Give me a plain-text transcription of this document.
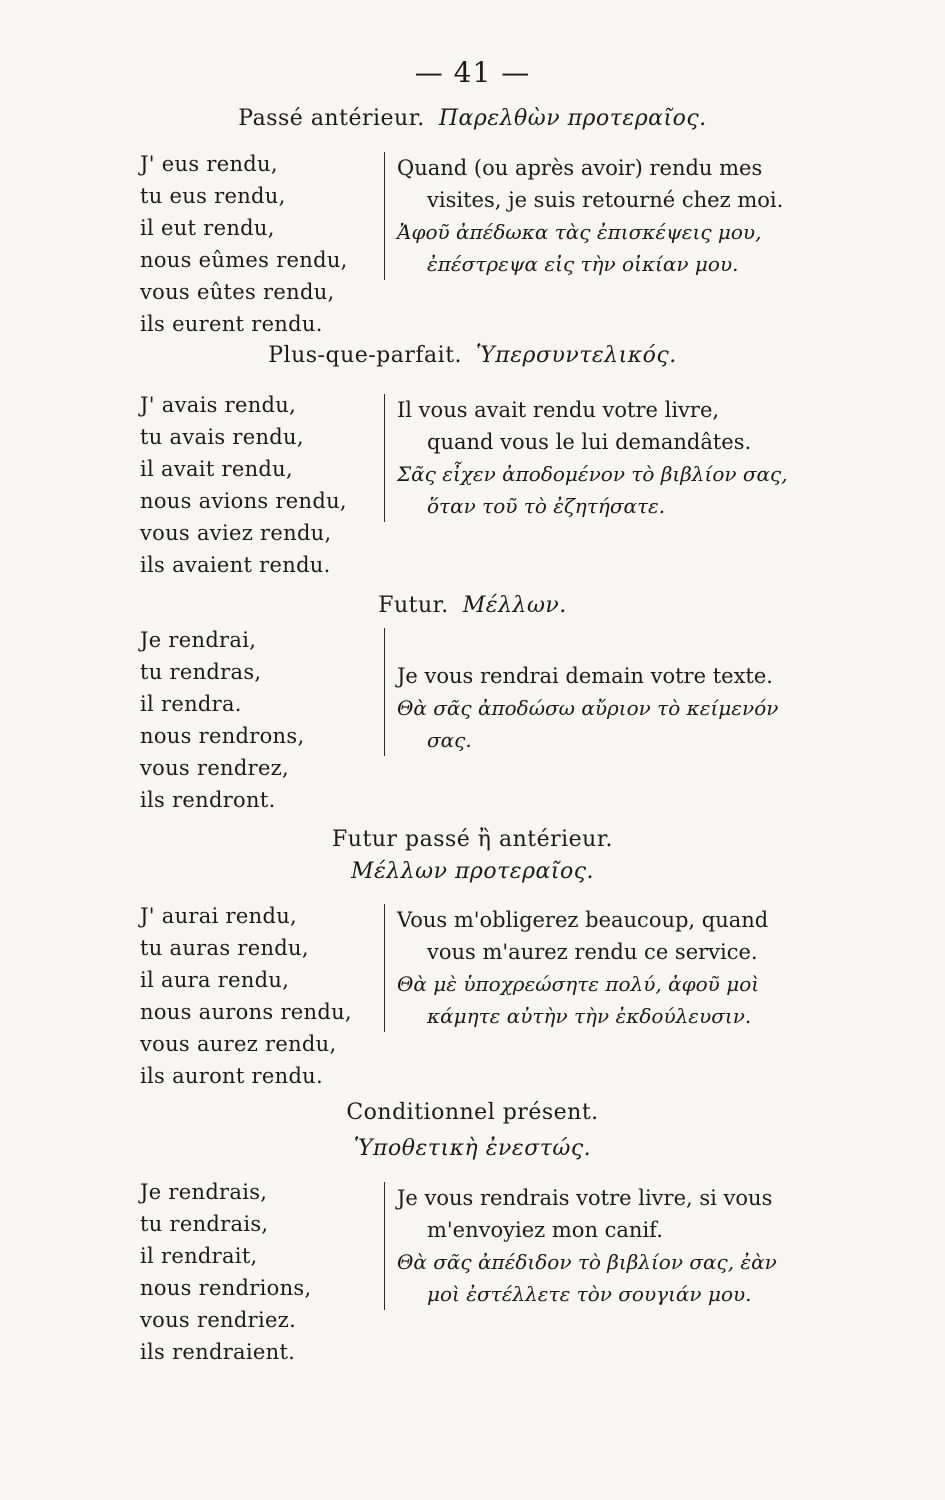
— 41 —
Passé antérieur. Παρελθὼν προτεραῖος.
J' eus rendu,
tu eus rendu,
il eut rendu,
nous eûmes rendu,
vous eûtes rendu,
ils eurent rendu.
Quand (ou après avoir) rendu mes
visites, je suis retourné chez moi.
Ἀφοῦ ἀπέδωκα τὰς ἐπισκέψεις μου,
ἐπέστρεψα εἰς τὴν οἰκίαν μου.
Plus-que-parfait. Ὑπερσυντελικός.
J' avais rendu,
tu avais rendu,
il avait rendu,
nous avions rendu,
vous aviez rendu,
ils avaient rendu.
Il vous avait rendu votre livre,
quand vous le lui demandâtes.
Σᾶς εἶχεν ἀποδομένον τὸ βιβλίον σας,
ὅταν τοῦ τὸ ἐζητήσατε.
Futur. Μέλλων.
Je rendrai,
tu rendras,
il rendra.
nous rendrons,
vous rendrez,
ils rendront.
Je vous rendrai demain votre texte.
Θὰ σᾶς ἀποδώσω αὔριον τὸ κείμενόν
σας.
Futur passé ἢ antérieur.
Μέλλων προτεραῖος.
J' aurai rendu,
tu auras rendu,
il aura rendu,
nous aurons rendu,
vous aurez rendu,
ils auront rendu.
Vous m'obligerez beaucoup, quand
vous m'aurez rendu ce service.
Θὰ μὲ ὑποχρεώσητε πολύ, ἀφοῦ μοὶ
κάμητε αὐτὴν τὴν ἐκδούλευσιν.
Conditionnel présent.
Ὑποθετικὴ ἐνεστώς.
Je rendrais,
tu rendrais,
il rendrait,
nous rendrions,
vous rendriez.
ils rendraient.
Je vous rendrais votre livre, si vous
m'envoyiez mon canif.
Θὰ σᾶς ἀπέδιδον τὸ βιβλίον σας, ἐὰν
μοὶ ἐστέλλετε τὸν σουγιάν μου.
